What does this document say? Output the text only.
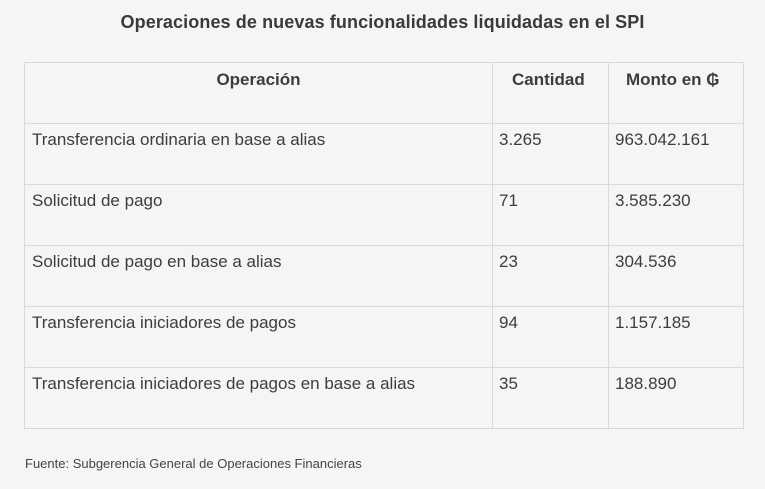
Operaciones de nuevas funcionalidades liquidadas en el SPI
Operación	Cantidad	Monto en ₲
Transferencia ordinaria en base a alias	3.265	963.042.161
Solicitud de pago	71	3.585.230
Solicitud de pago en base a alias	23	304.536
Transferencia iniciadores de pagos	94	1.157.185
Transferencia iniciadores de pagos en base a alias	35	188.890
Fuente: Subgerencia General de Operaciones Financieras
